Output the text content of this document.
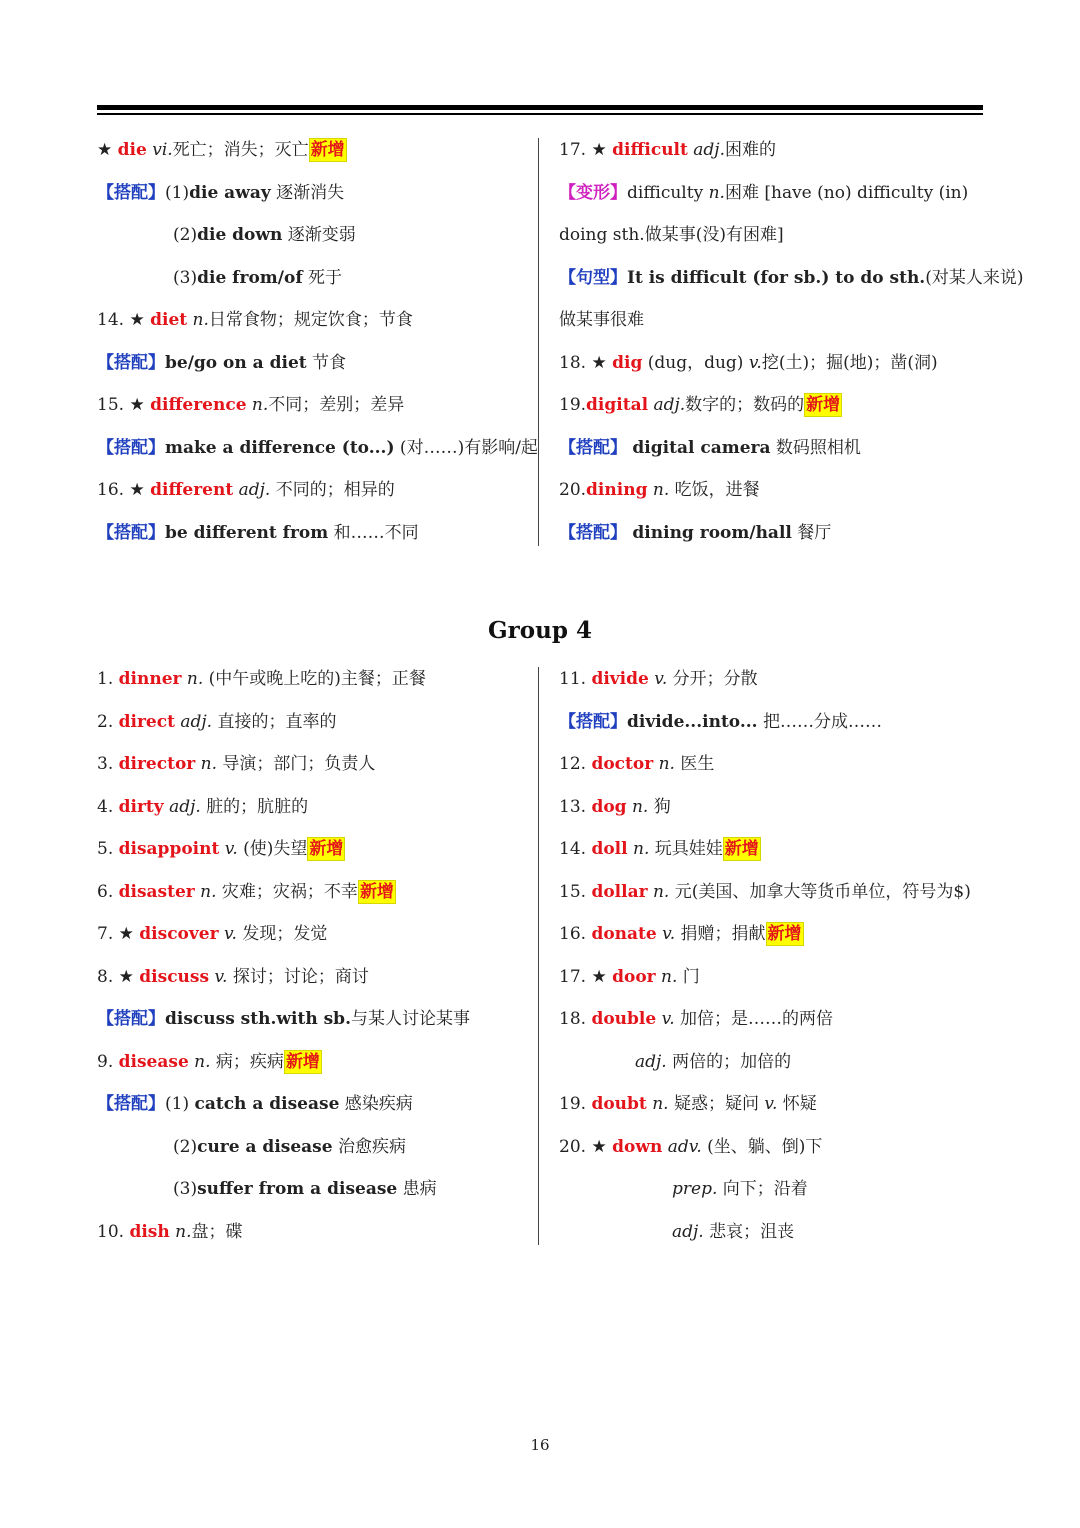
★ die vi.死亡；消失；灭亡 新增
【搭配】(1)die away 逐渐消失
(2)die down 逐渐变弱
(3)die from/of 死于
14. ★ diet n.日常食物；规定饮食；节食
【搭配】be/go on a diet 节食
15. ★ difference n.不同；差别；差异
【搭配】make a difference (to...) (对……)有影响/起
16. ★ different adj. 不同的；相异的
【搭配】be different from 和……不同
17. ★ difficult adj.困难的
【变形】difficulty n.困难 [have (no) difficulty (in)
doing sth.做某事(没)有困难]
【句型】It is difficult (for sb.) to do sth.(对某人来说)
做某事很难
18. ★ dig (dug，dug) v.挖(土)；掘(地)；凿(洞)
19.digital adj.数字的；数码的 新增
【搭配】 digital camera 数码照相机
20.dining n. 吃饭，进餐
【搭配】 dining room/hall 餐厅
Group 4
1. dinner n. (中午或晚上吃的)主餐；正餐
2. direct adj. 直接的；直率的
3. director n. 导演；部门；负责人
4. dirty adj. 脏的；肮脏的
5. disappoint v. (使)失望 新增
6. disaster n. 灾难；灾祸；不幸 新增
7. ★ discover v. 发现；发觉
8. ★ discuss v. 探讨；讨论；商讨
【搭配】discuss sth.with sb.与某人讨论某事
9. disease n. 病；疾病 新增
【搭配】(1) catch a disease 感染疾病
(2)cure a disease 治愈疾病
(3)suffer from a disease 患病
10. dish n.盘；碟
11. divide v. 分开；分散
【搭配】divide...into... 把……分成……
12. doctor n. 医生
13. dog n. 狗
14. doll n. 玩具娃娃 新增
15. dollar n. 元(美国、加拿大等货币单位，符号为$)
16. donate v. 捐赠；捐献 新增
17. ★ door n. 门
18. double v. 加倍；是……的两倍
adj. 两倍的；加倍的
19. doubt n. 疑惑；疑问 v. 怀疑
20. ★ down adv. (坐、躺、倒)下
prep. 向下；沿着
adj. 悲哀；沮丧
16
